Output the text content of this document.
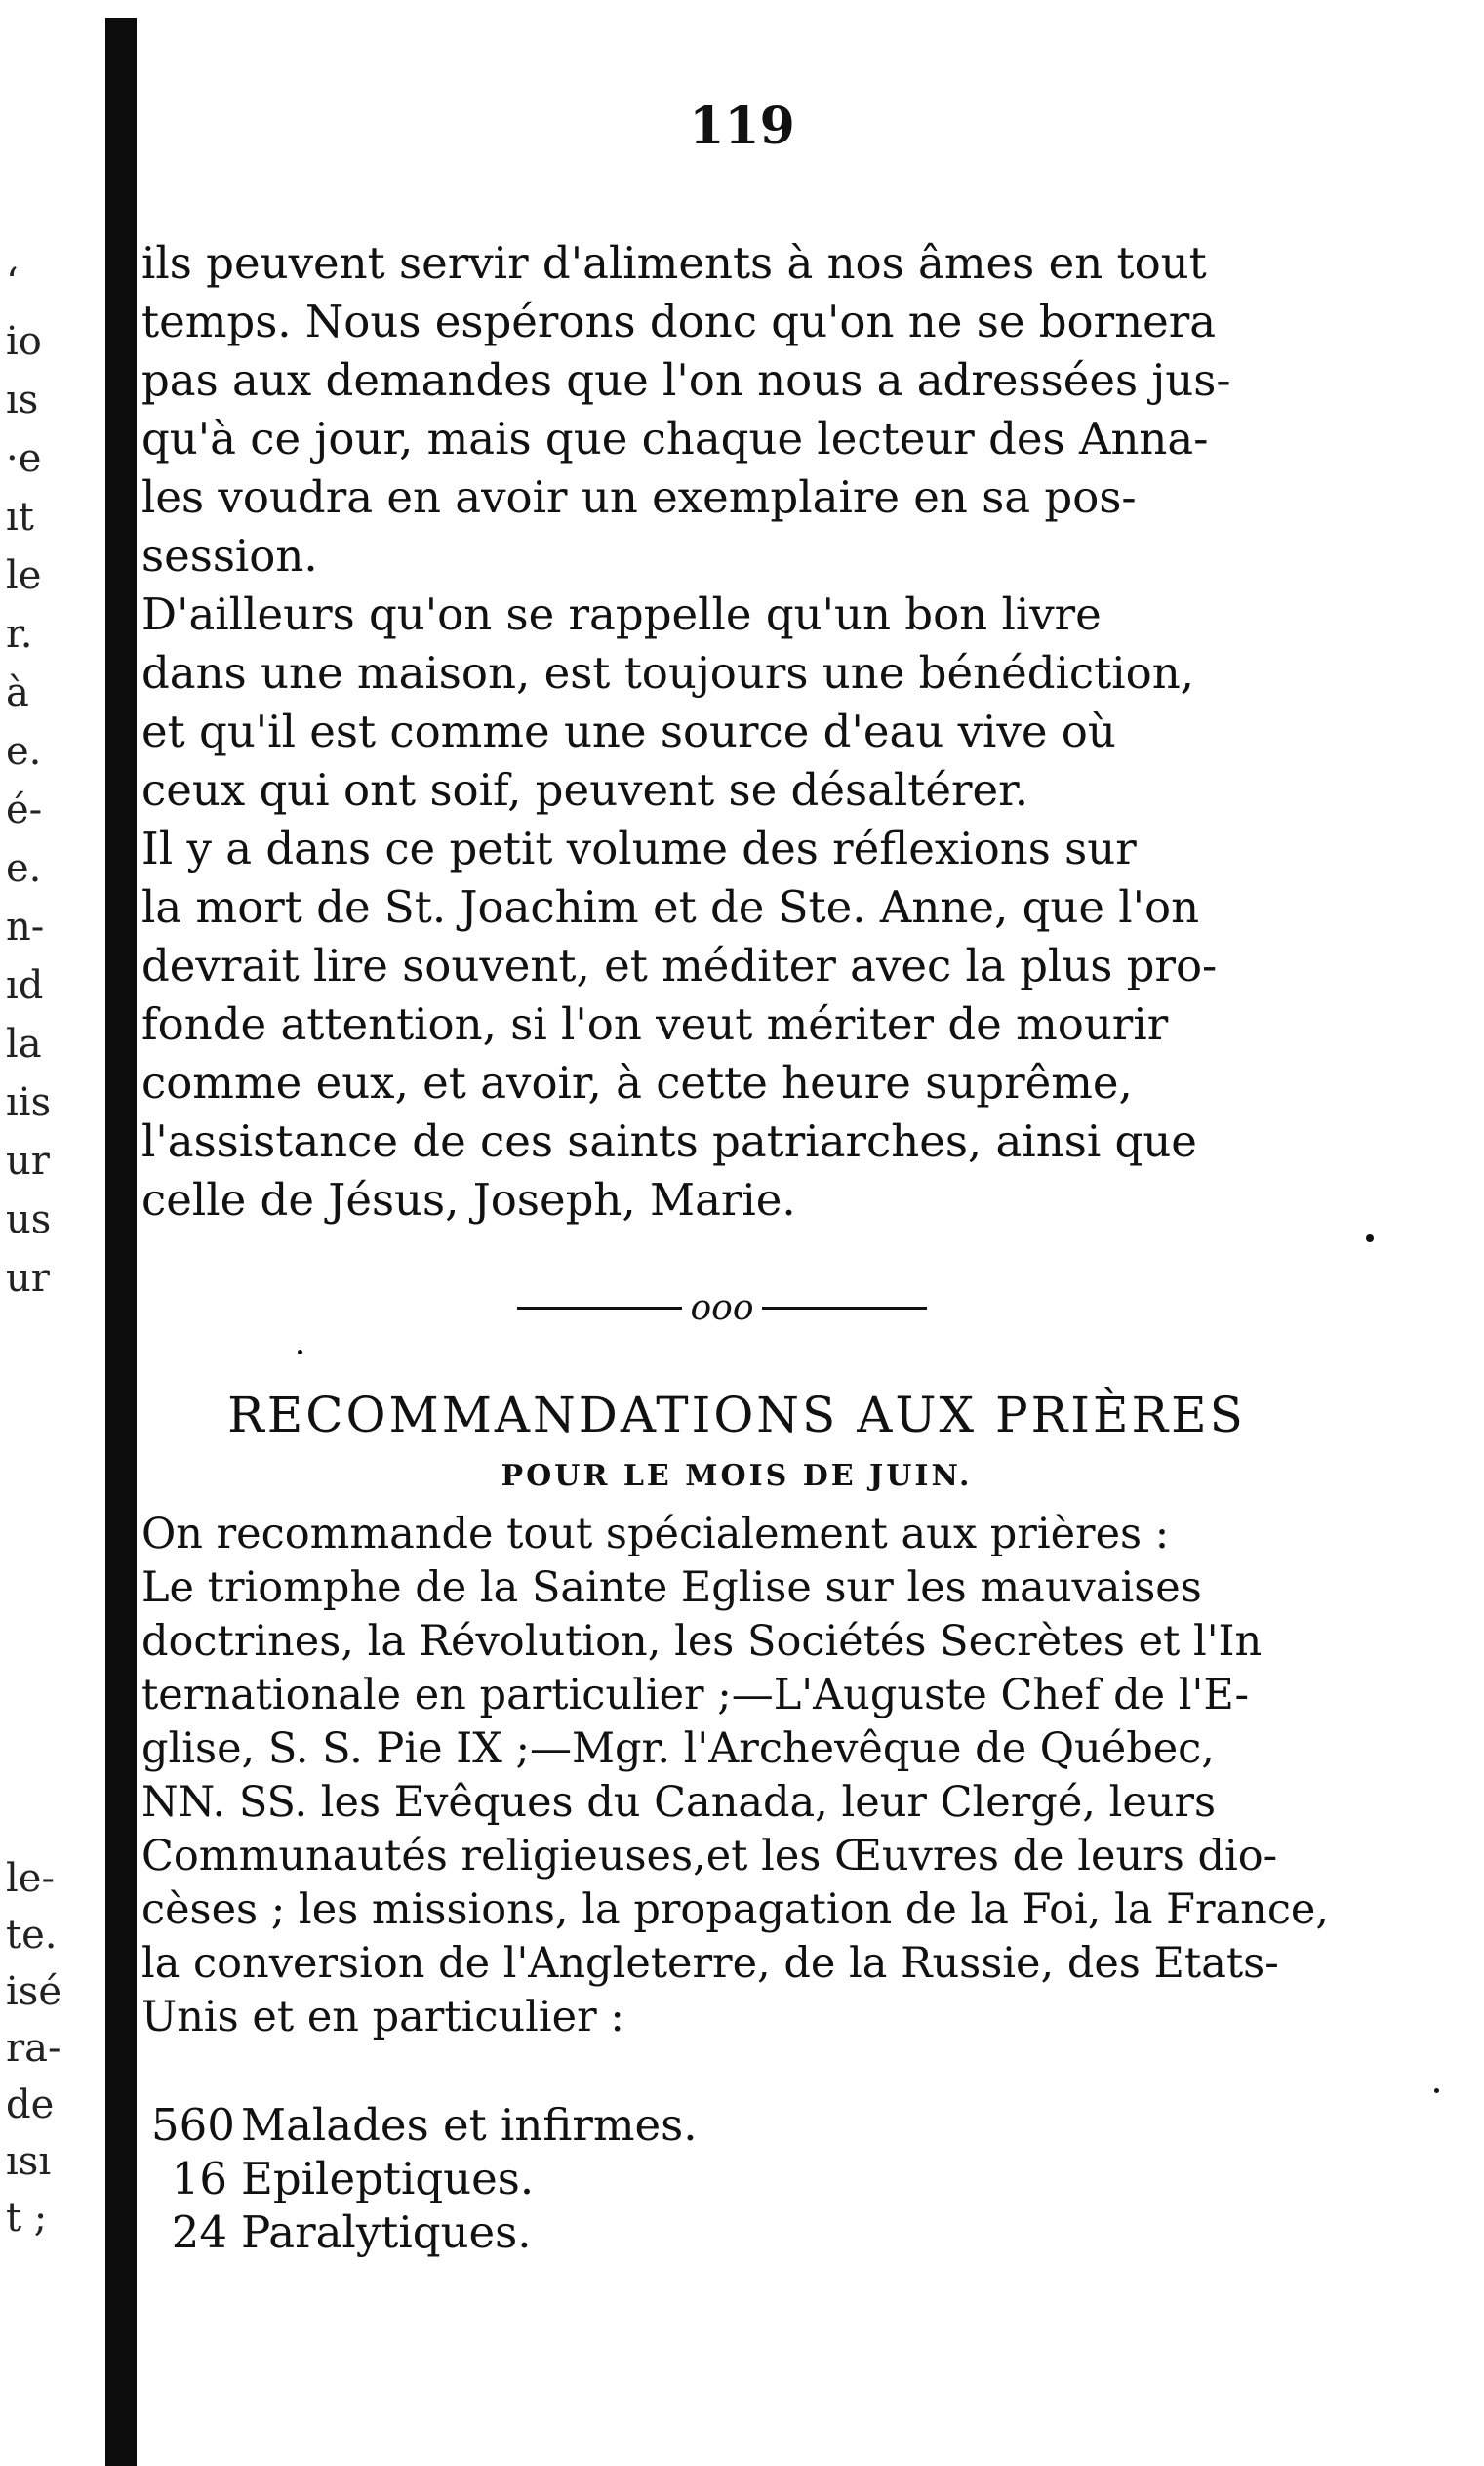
ʻ
io
ıs
·e
ıt
le
r.
à
e.
é-
e.
n-
ıd
la
ıis
ur
us
ur
le-
te.
isé
ra-
de
ısı
t ;
119
ils peuvent servir d'aliments à nos âmes en tout
temps. Nous espérons donc qu'on ne se bornera
pas aux demandes que l'on nous a adressées jus-
qu'à ce jour, mais que chaque lecteur des Anna-
les voudra en avoir un exemplaire en sa pos-
session.
D'ailleurs qu'on se rappelle qu'un bon livre
dans une maison, est toujours une bénédiction,
et qu'il est comme une source d'eau vive où
ceux qui ont soif, peuvent se désaltérer.
Il y a dans ce petit volume des réflexions sur
la mort de St. Joachim et de Ste. Anne, que l'on
devrait lire souvent, et méditer avec la plus pro-
fonde attention, si l'on veut mériter de mourir
comme eux, et avoir, à cette heure suprême,
l'assistance de ces saints patriarches, ainsi que
celle de Jésus, Joseph, Marie.
ooo
RECOMMANDATIONS AUX PRIÈRES
POUR LE MOIS DE JUIN.
On recommande tout spécialement aux prières :
Le triomphe de la Sainte Eglise sur les mauvaises
doctrines, la Révolution, les Sociétés Secrètes et l'In
ternationale en particulier ;—L'Auguste Chef de l'E-
glise, S. S. Pie IX ;—Mgr. l'Archevêque de Québec,
NN. SS. les Evêques du Canada, leur Clergé, leurs
Communautés religieuses,et les Œuvres de leurs dio-
cèses ; les missions, la propagation de la Foi, la France,
la conversion de l'Angleterre, de la Russie, des Etats-
Unis et en particulier :
560 Malades et infirmes.
16 Epileptiques.
24 Paralytiques.
